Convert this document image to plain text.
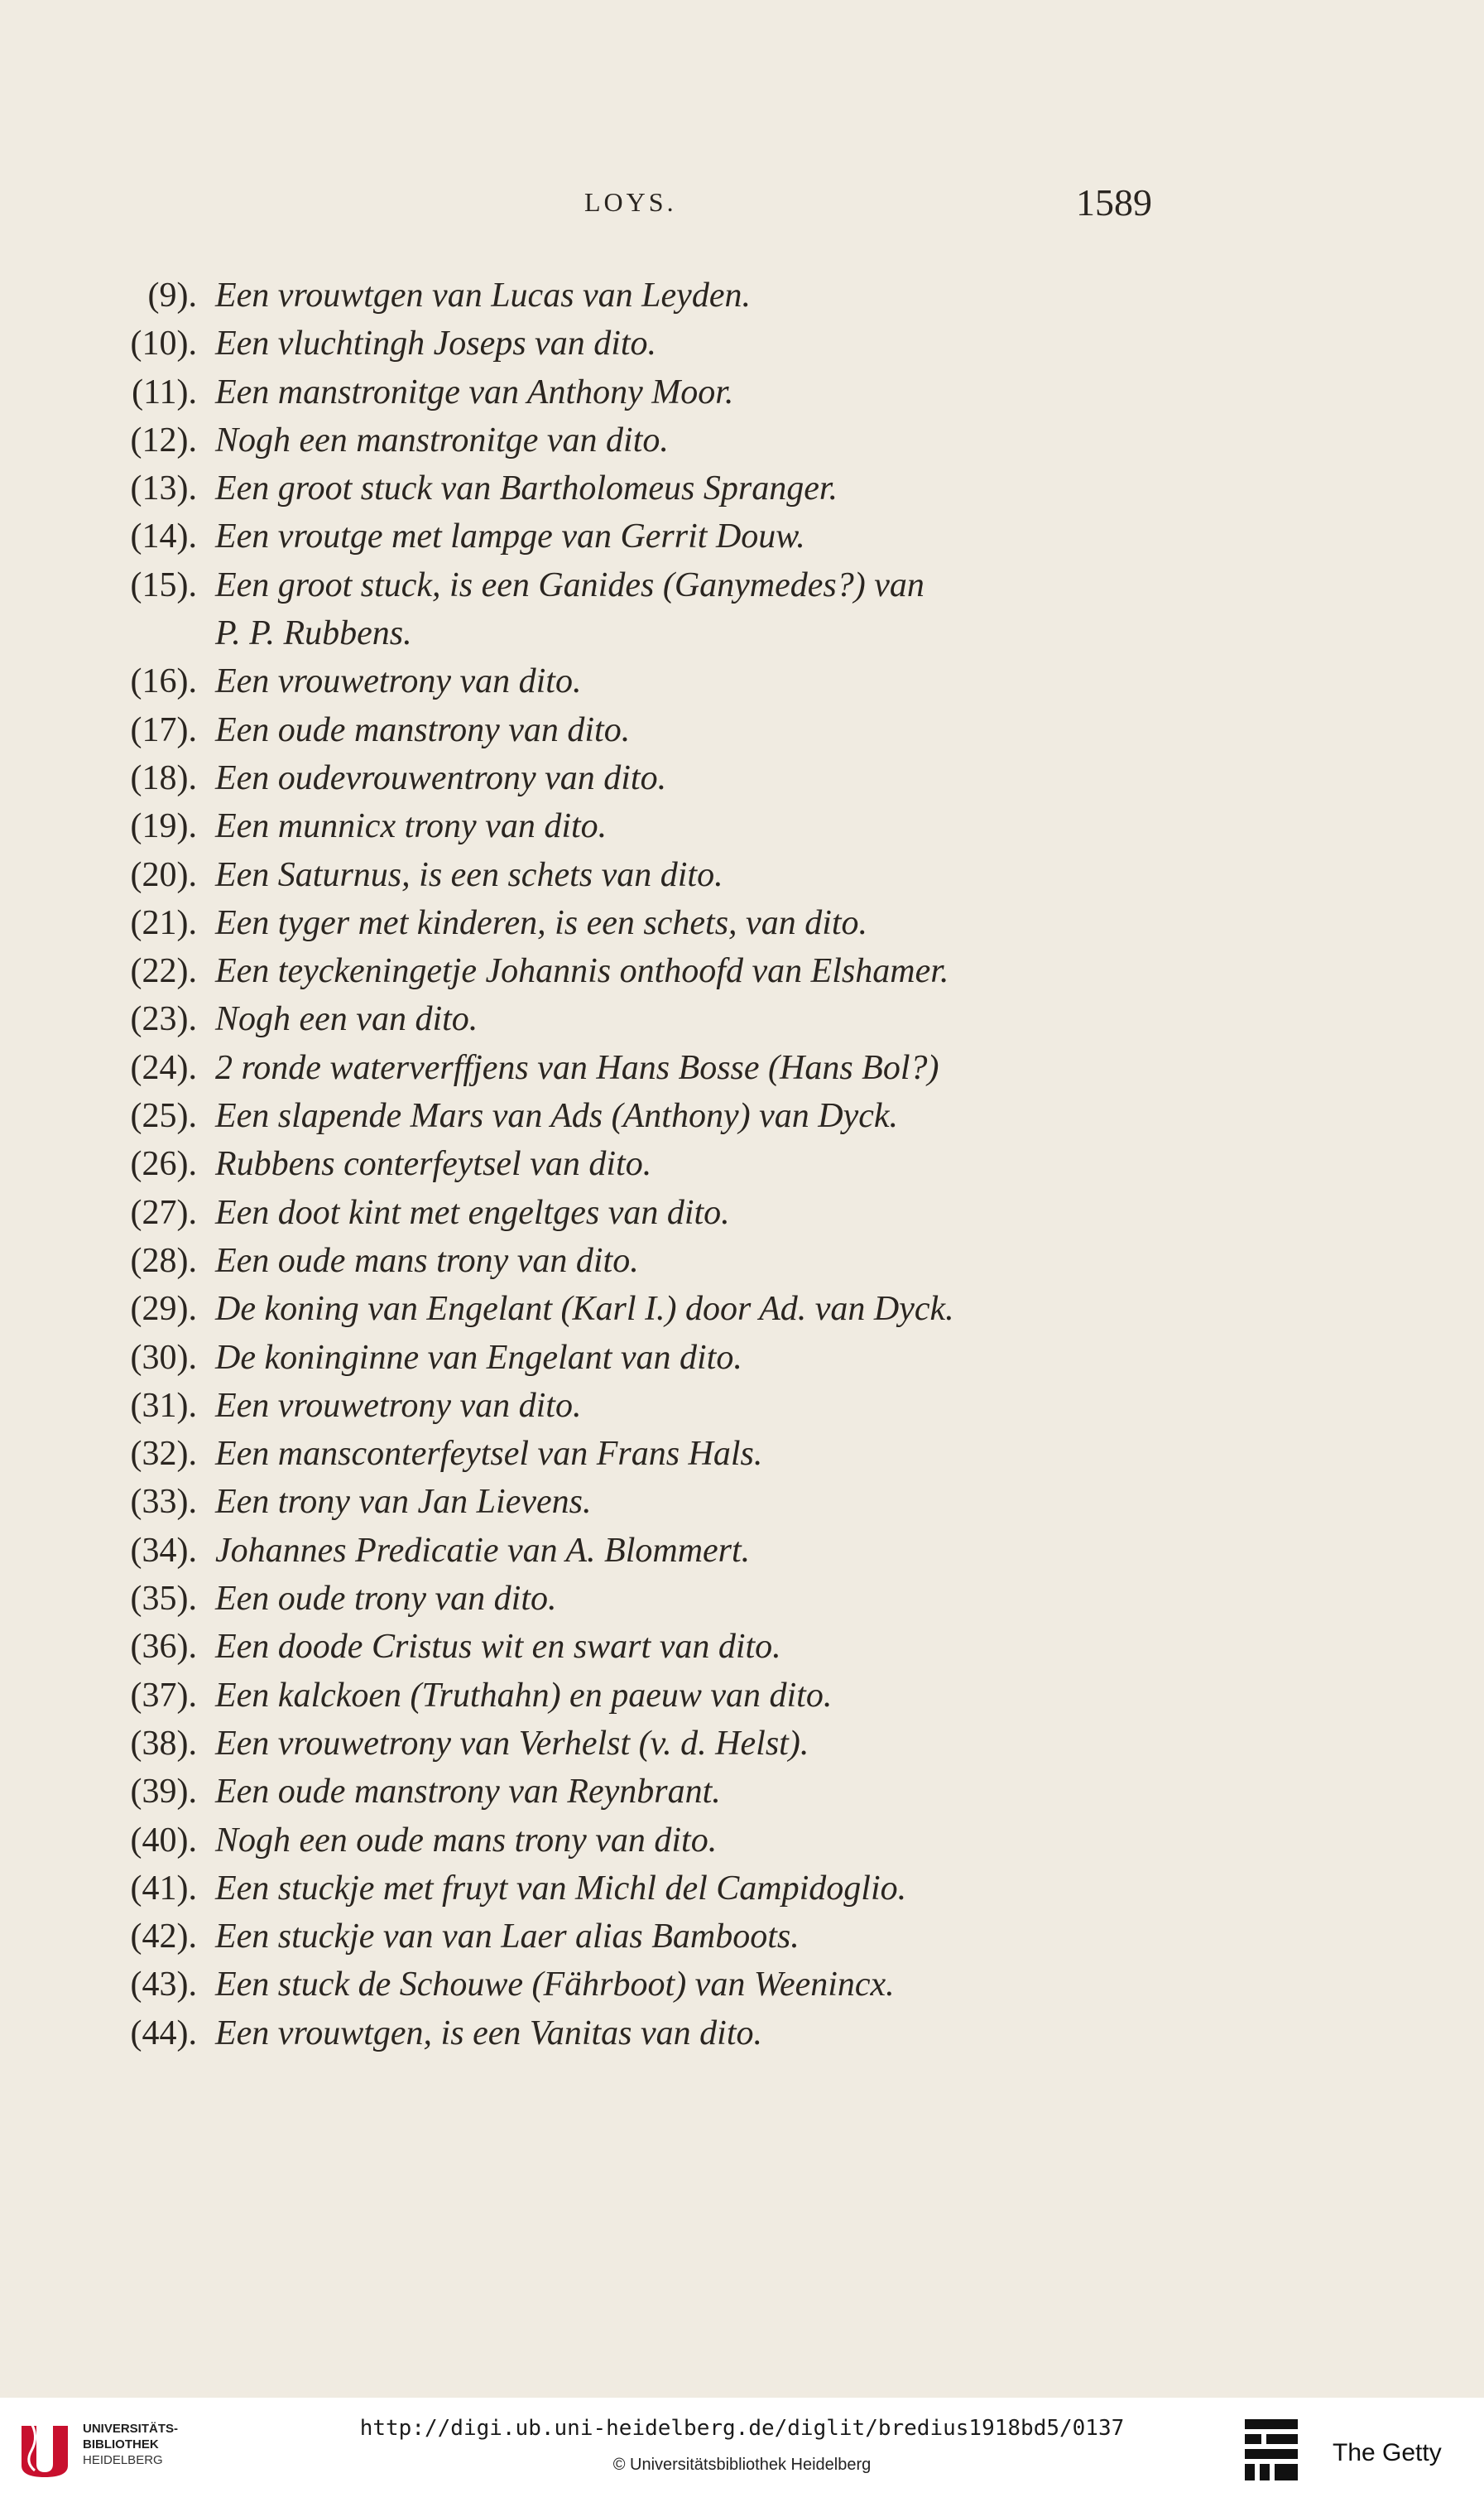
LOYS.	1589
(9). Een vrouwtgen van Lucas van Leyden.
(10). Een vluchtingh Joseps van dito.
(11). Een manstronitge van Anthony Moor.
(12). Nogh een manstronitge van dito.
(13). Een groot stuck van Bartholomeus Spranger.
(14). Een vroutge met lampge van Gerrit Douw.
(15). Een groot stuck, is een Ganides (Ganymedes?) van
P. P. Rubbens.
(16). Een vrouwetrony van dito.
(17). Een oude manstrony van dito.
(18). Een oudevrouwentrony van dito.
(19). Een munnicx trony van dito.
(20). Een Saturnus, is een schets van dito.
(21). Een tyger met kinderen, is een schets, van dito.
(22). Een teyckeningetje Johannis onthoofd van Elshamer.
(23). Nogh een van dito.
(24). 2 ronde waterverffjens van Hans Bosse (Hans Bol?)
(25). Een slapende Mars van Ads (Anthony) van Dyck.
(26). Rubbens conterfeytsel van dito.
(27). Een doot kint met engeltges van dito.
(28). Een oude mans trony van dito.
(29). De koning van Engelant (Karl I.) door Ad. van Dyck.
(30). De koninginne van Engelant van dito.
(31). Een vrouwetrony van dito.
(32). Een mansconterfeytsel van Frans Hals.
(33). Een trony van Jan Lievens.
(34). Johannes Predicatie van A. Blommert.
(35). Een oude trony van dito.
(36). Een doode Cristus wit en swart van dito.
(37). Een kalckoen (Truthahn) en paeuw van dito.
(38). Een vrouwetrony van Verhelst (v. d. Helst).
(39). Een oude manstrony van Reynbrant.
(40). Nogh een oude mans trony van dito.
(41). Een stuckje met fruyt van Michl del Campidoglio.
(42). Een stuckje van van Laer alias Bamboots.
(43). Een stuck de Schouwe (Fährboot) van Weenincx.
(44). Een vrouwtgen, is een Vanitas van dito.
UNIVERSITÄTS-
BIBLIOTHEK
HEIDELBERG
http://digi.ub.uni-heidelberg.de/diglit/bredius1918bd5/0137
© Universitätsbibliothek Heidelberg	The Getty
